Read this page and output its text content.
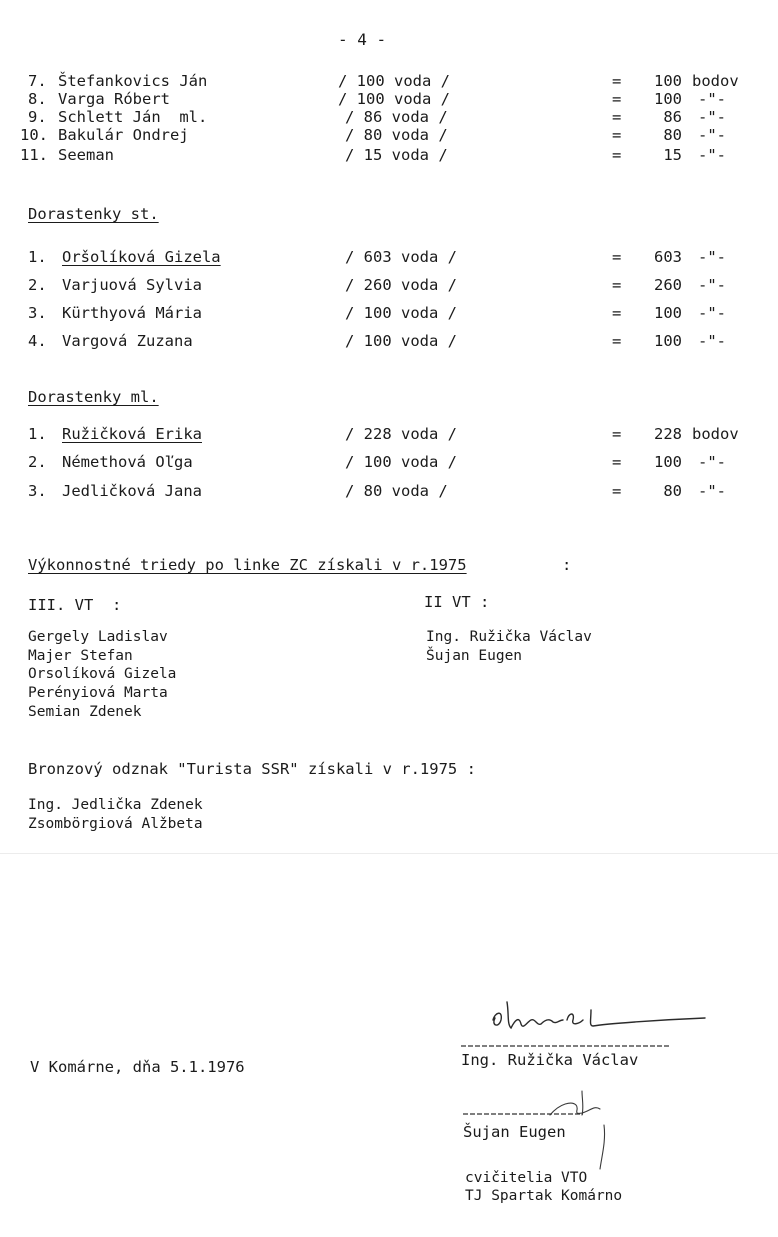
- 4 -
7. Štefankovics Ján	/ 100 voda /	=	100 bodov
8. Varga Róbert	/ 100 voda /	=	100 -"-
9. Schlett Ján  ml.	/ 86 voda /	=	86 -"-
10. Bakulár Ondrej	/ 80 voda /	=	80 -"-
11. Seeman	/ 15 voda /	=	15 -"-
Dorastenky st.
1. Oršolíková Gizela	/ 603 voda /	=	603 -"-
2. Varjuová Sylvia	/ 260 voda /	=	260 -"-
3. Kürthyová Mária	/ 100 voda /	=	100 -"-
4. Vargová Zuzana	/ 100 voda /	=	100 -"-
Dorastenky ml.
1. Ružičková Erika	/ 228 voda /	=	228 bodov
2. Némethová Oľga	/ 100 voda /	=	100 -"-
3. Jedličková Jana	/ 80 voda /	=	80 -"-
Výkonnostné triedy po linke ZC získali v r.1975	:
III. VT  :	II VT :
Gergely Ladislav
Majer Stefan
Orsolíková Gizela
Perényiová Marta
Semian Zdenek
Ing. Ružička Václav
Šujan Eugen
Bronzový odznak "Turista SSR" získali v r.1975 :
Ing. Jedlička Zdenek
Zsombörgiová Alžbeta
V Komárne, dňa 5.1.1976	Ing. Ružička Václav
Šujan Eugen
cvičitelia VTO
TJ Spartak Komárno
